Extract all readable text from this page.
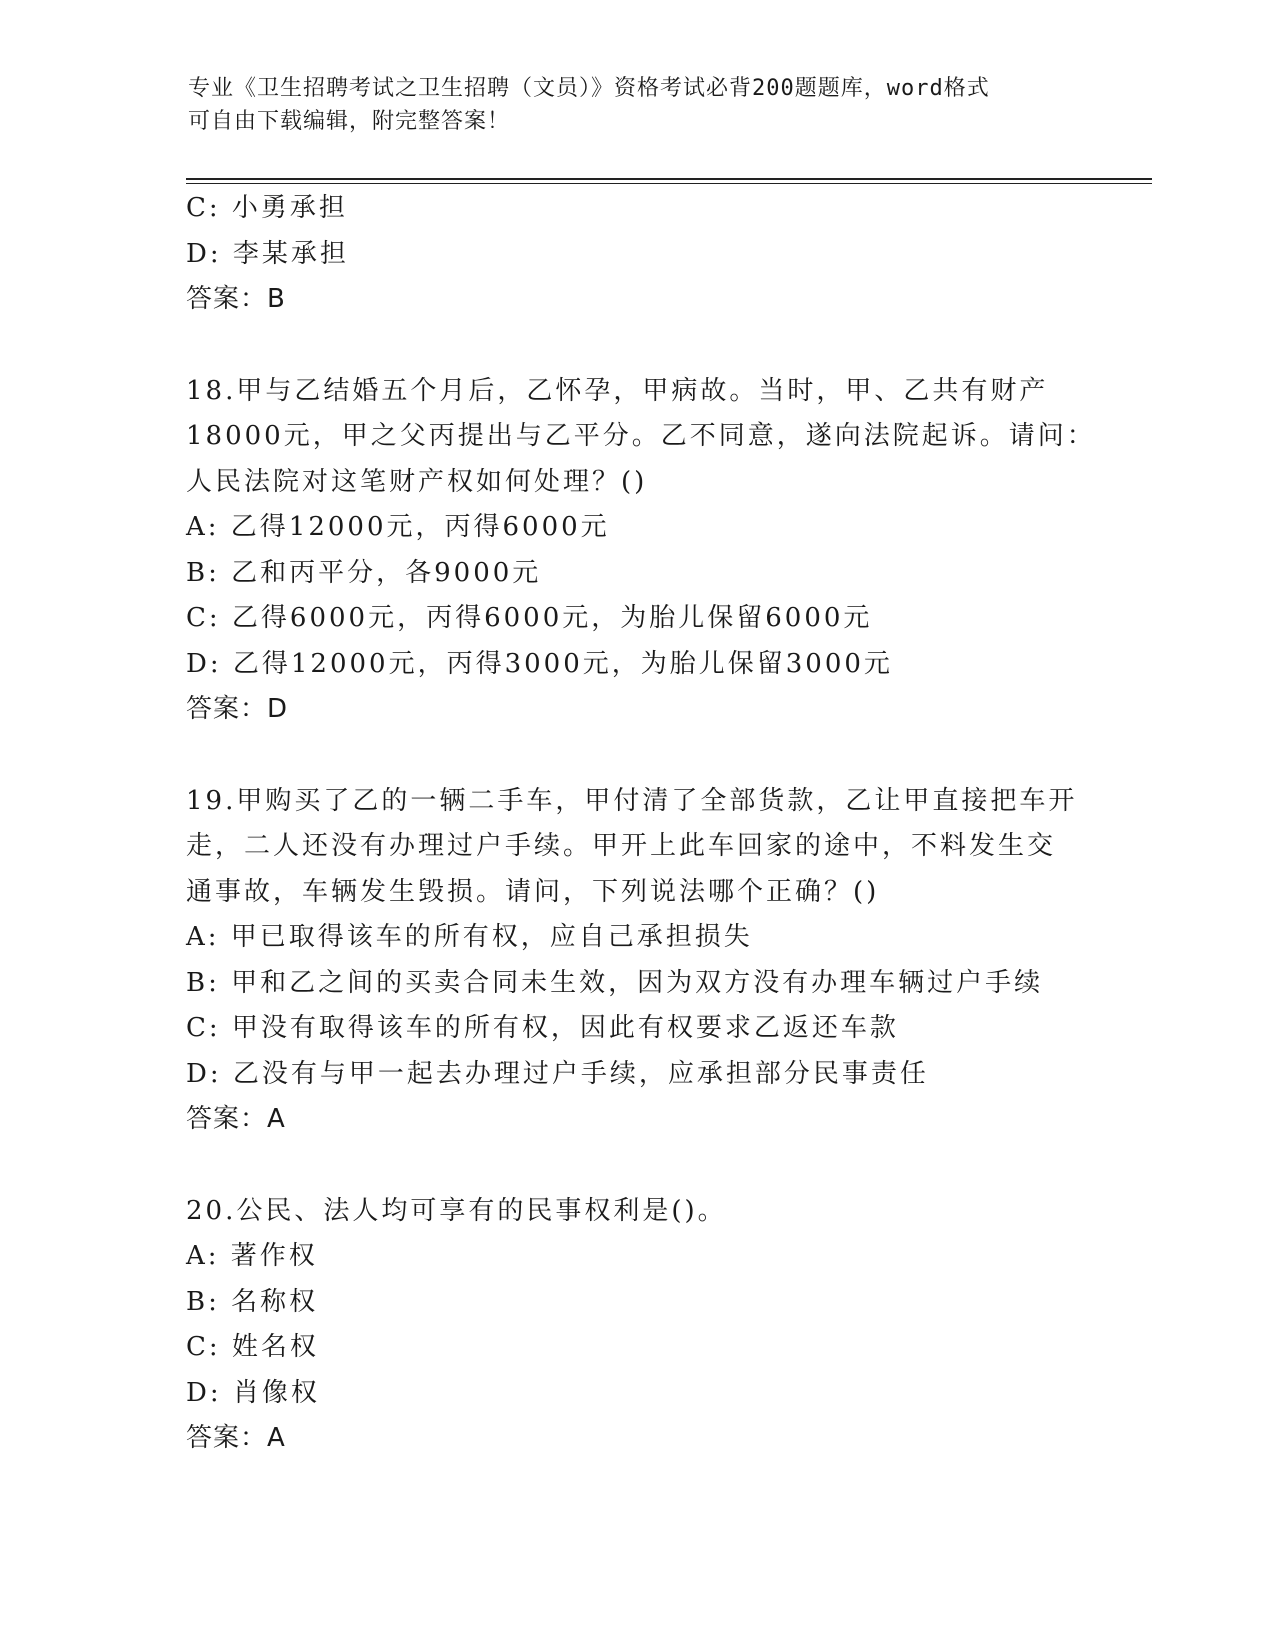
专业《卫生招聘考试之卫生招聘（文员）》资格考试必背200题题库，word格式
可自由下载编辑，附完整答案！
C: 小勇承担
D: 李某承担
答案：B
18.甲与乙结婚五个月后，乙怀孕，甲病故。当时，甲、乙共有财产
18000元，甲之父丙提出与乙平分。乙不同意，遂向法院起诉。请问：
人民法院对这笔财产权如何处理？()
A: 乙得12000元，丙得6000元
B: 乙和丙平分，各9000元
C: 乙得6000元，丙得6000元，为胎儿保留6000元
D: 乙得12000元，丙得3000元，为胎儿保留3000元
答案：D
19.甲购买了乙的一辆二手车，甲付清了全部货款，乙让甲直接把车开
走，二人还没有办理过户手续。甲开上此车回家的途中，不料发生交
通事故，车辆发生毁损。请问，下列说法哪个正确？()
A: 甲已取得该车的所有权，应自己承担损失
B: 甲和乙之间的买卖合同未生效，因为双方没有办理车辆过户手续
C: 甲没有取得该车的所有权，因此有权要求乙返还车款
D: 乙没有与甲一起去办理过户手续，应承担部分民事责任
答案：A
20.公民、法人均可享有的民事权利是()。
A: 著作权
B: 名称权
C: 姓名权
D: 肖像权
答案：A
